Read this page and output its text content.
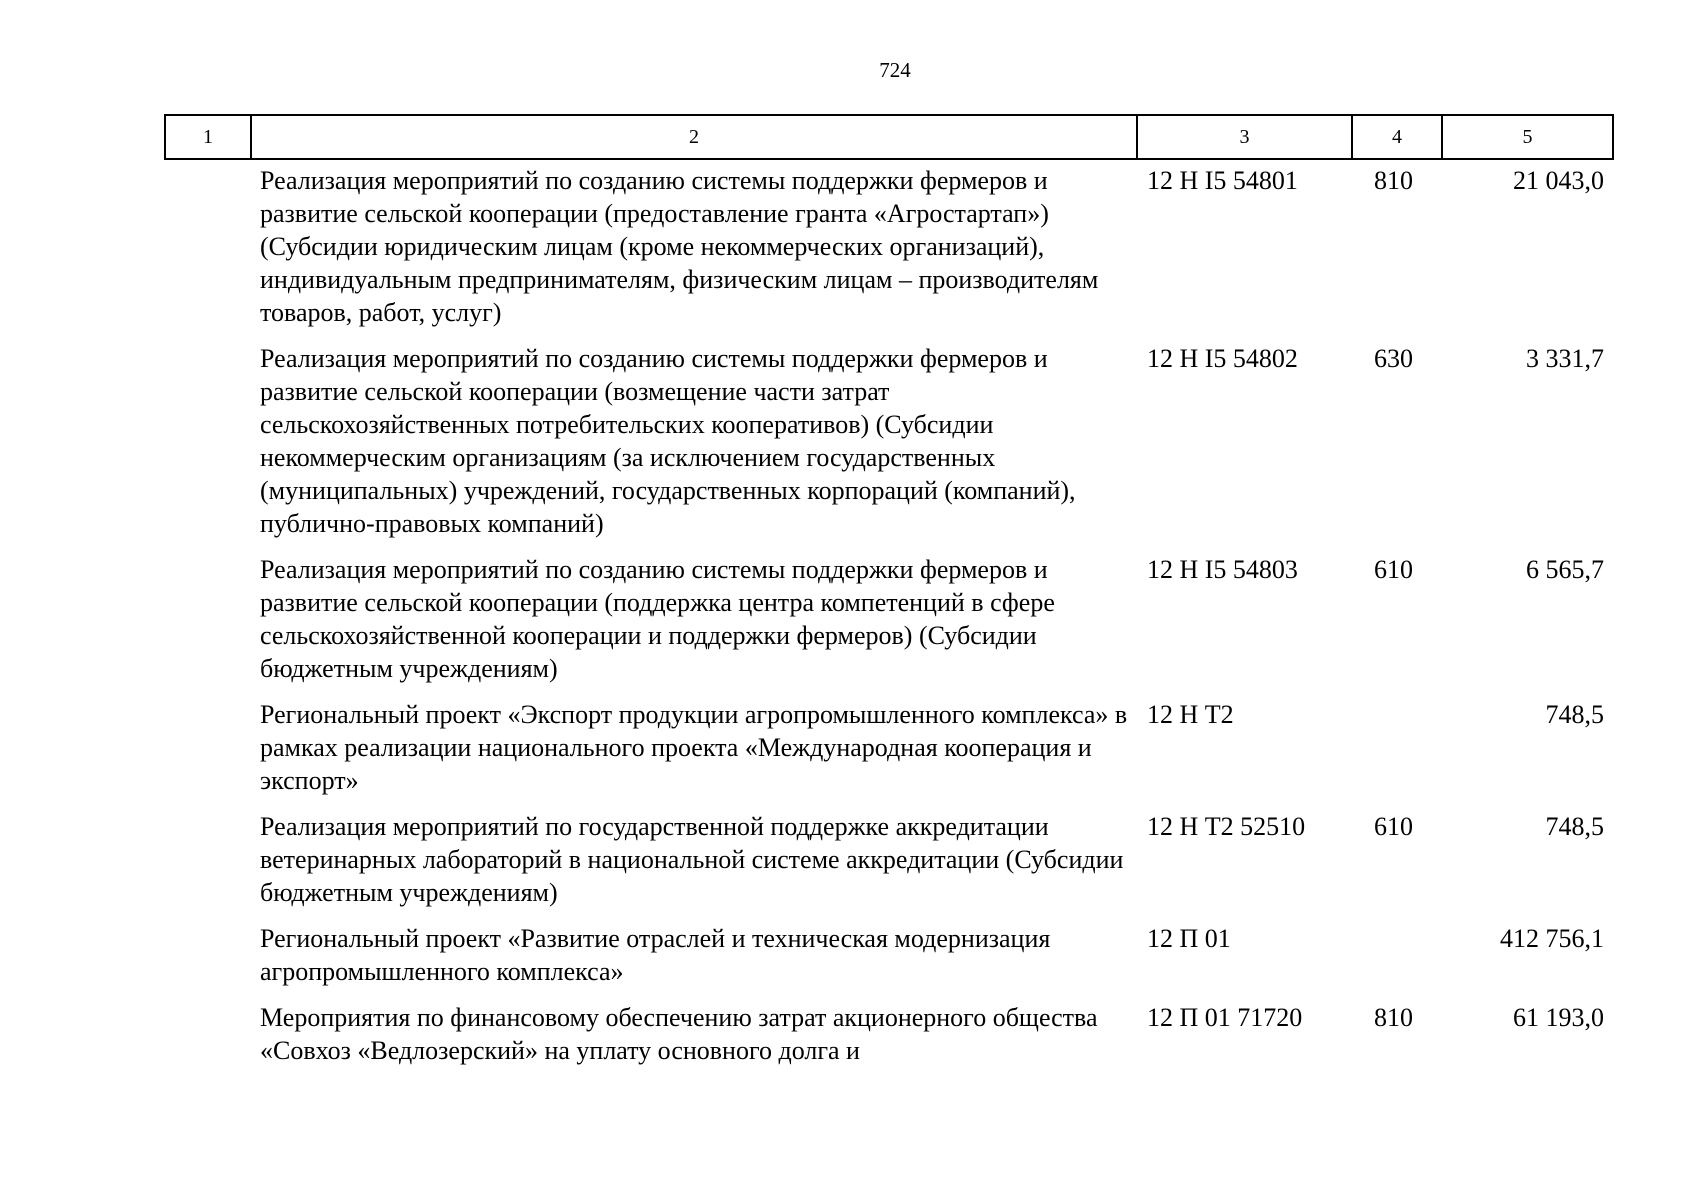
724
1	2	3	4	5
	Реализация мероприятий по созданию системы поддержки фермеров и развитие сельской кооперации (предоставление гранта «Агростартап») (Субсидии юридическим лицам (кроме некоммерческих организаций), индивидуальным предпринимателям, физическим лицам – производителям товаров, работ, услуг)	12 Н I5 54801	810	21 043,0
	Реализация мероприятий по созданию системы поддержки фермеров и развитие сельской кооперации (возмещение части затрат сельскохозяйственных потребительских кооперативов) (Субсидии некоммерческим организациям (за исключением государственных (муниципальных) учреждений, государственных корпораций (компаний), публично-правовых компаний)	12 Н I5 54802	630	3 331,7
	Реализация мероприятий по созданию системы поддержки фермеров и развитие сельской кооперации (поддержка центра компетенций в сфере сельскохозяйственной кооперации и поддержки фермеров) (Субсидии бюджетным учреждениям)	12 Н I5 54803	610	6 565,7
	Региональный проект «Экспорт продукции агропромышленного комплекса» в рамках реализации национального проекта «Международная кооперация и экспорт»	12 Н Т2		748,5
	Реализация мероприятий по государственной поддержке аккредитации ветеринарных лабораторий в национальной системе аккредитации (Субсидии бюджетным учреждениям)	12 Н Т2 52510	610	748,5
	Региональный проект «Развитие отраслей и техническая модернизация агропромышленного комплекса»	12 П 01		412 756,1
	Мероприятия по финансовому обеспечению затрат акционерного общества «Совхоз «Ведлозерский» на уплату основного долга и	12 П 01 71720	810	61 193,0
